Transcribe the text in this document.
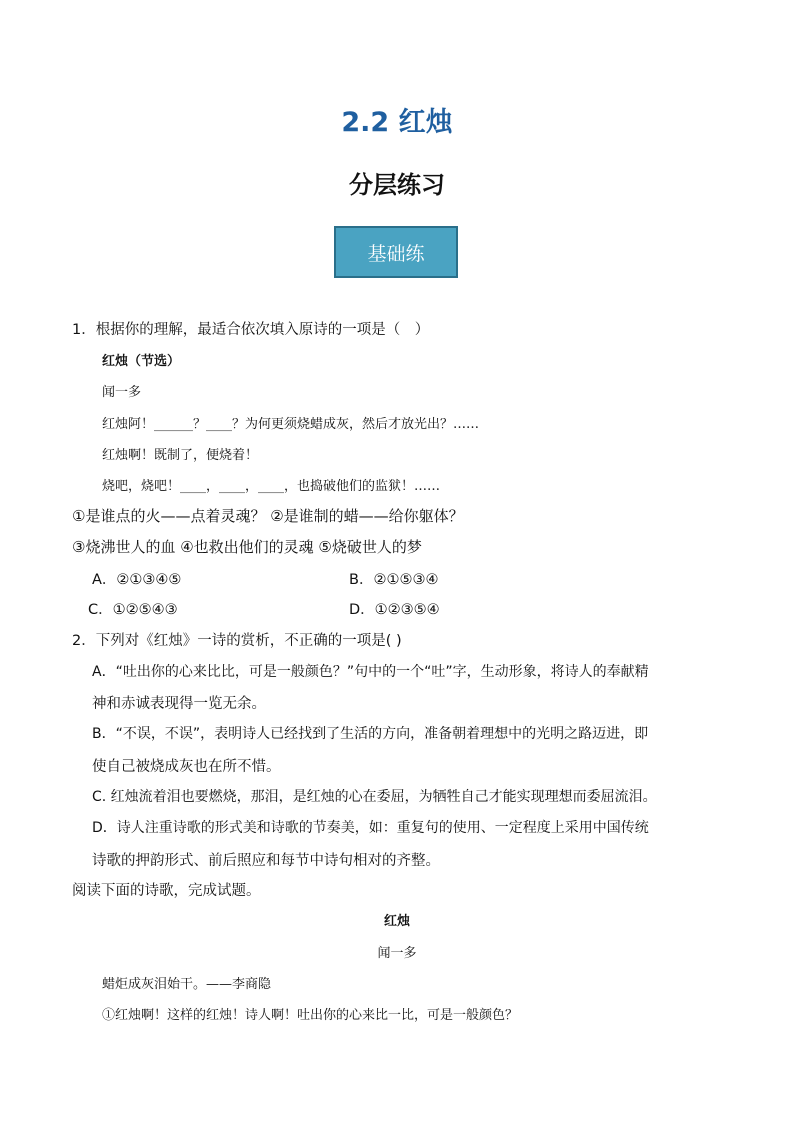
2.2 红烛
分层练习
基础练
1．根据你的理解，最适合依次填入原诗的一项是（　）
红烛（节选）
闻一多
红烛阿！______？____？为何更须烧蜡成灰，然后才放光出？……
红烛啊！既制了，便烧着！
烧吧，烧吧！____，____，____，也捣破他们的监狱！……
①是谁点的火——点着灵魂？ ②是谁制的蜡——给你躯体？
③烧沸世人的血 ④也救出他们的灵魂 ⑤烧破世人的梦
A．②①③④⑤	B．②①⑤③④
C．①②⑤④③	D．①②③⑤④
2．下列对《红烛》一诗的赏析，不正确的一项是( )
A．“吐出你的心来比比，可是一般颜色？”句中的一个“吐”字，生动形象，将诗人的奉献精
神和赤诚表现得一览无余。
B．“不误，不误”，表明诗人已经找到了生活的方向，准备朝着理想中的光明之路迈进，即
使自己被烧成灰也在所不惜。
C. 红烛流着泪也要燃烧，那泪，是红烛的心在委屈，为牺牲自己才能实现理想而委屈流泪。
D．诗人注重诗歌的形式美和诗歌的节奏美，如：重复句的使用、一定程度上采用中国传统
诗歌的押韵形式、前后照应和每节中诗句相对的齐整。
阅读下面的诗歌，完成试题。
红烛
闻一多
蜡炬成灰泪始干。——李商隐
①红烛啊！这样的红烛！诗人啊！吐出你的心来比一比，可是一般颜色？
